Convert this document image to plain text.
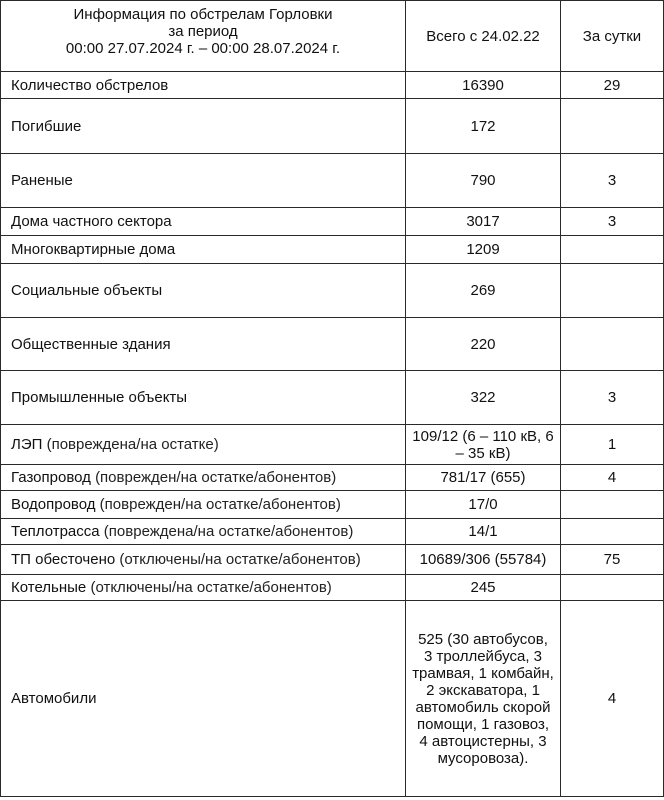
Информация по обстрелам Горловки
за период
00:00 27.07.2024 г. – 00:00 28.07.2024 г.	Всего с 24.02.22	За сутки
Количество обстрелов	16390	29
Погибшие	172	
Раненые	790	3
Дома частного сектора	3017	3
Многоквартирные дома	1209	
Социальные объекты	269	
Общественные здания	220	
Промышленные объекты	322	3
ЛЭП (повреждена/на остатке)	109/12 (6 – 110 кВ, 6 – 35 кВ)	1
Газопровод (поврежден/на остатке/абонентов)	781/17 (655)	4
Водопровод (поврежден/на остатке/абонентов)	17/0	
Теплотрасса (повреждена/на остатке/абонентов)	14/1	
ТП обесточено (отключены/на остатке/абонентов)	10689/306 (55784)	75
Котельные (отключены/на остатке/абонентов)	245	
Автомобили	525 (30 автобусов, 3 троллейбуса, 3 трамвая, 1 комбайн, 2 экскаватора, 1 автомобиль скорой помощи, 1 газовоз, 4 автоцистерны, 3 мусоровоза).	4
